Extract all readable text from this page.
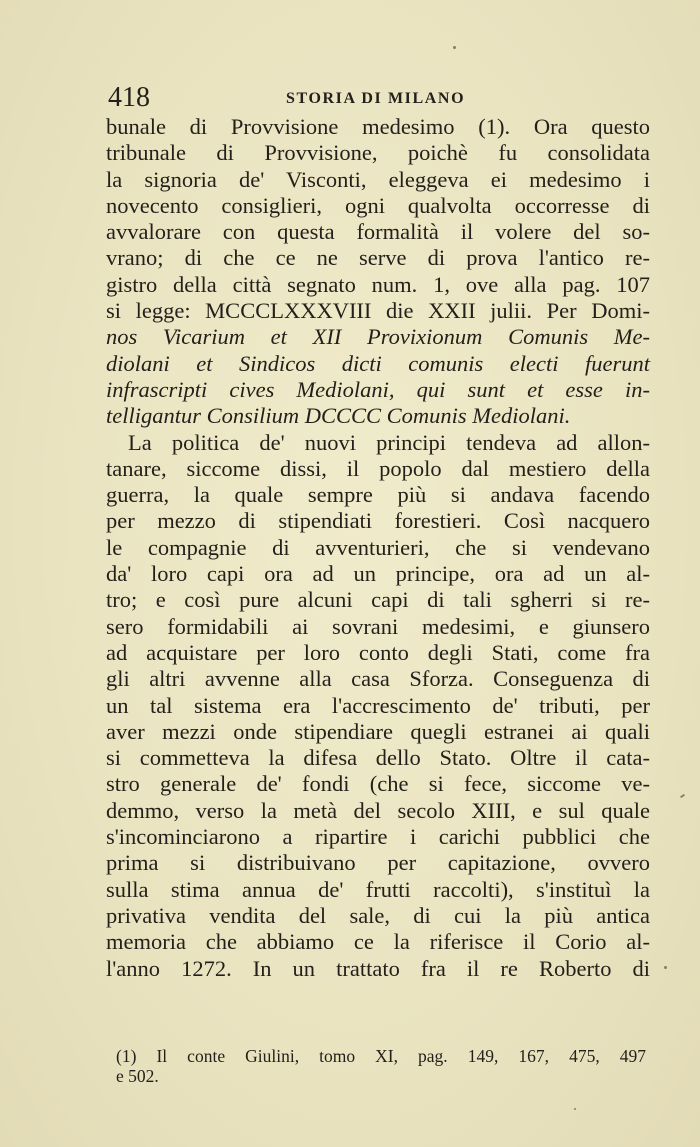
418	STORIA DI MILANO
bunale di Provvisione medesimo (1). Ora questo
tribunale di Provvisione, poichè fu consolidata
la signoria de' Visconti, eleggeva ei medesimo i
novecento consiglieri, ogni qualvolta occorresse di
avvalorare con questa formalità il volere del so-
vrano; di che ce ne serve di prova l'antico re-
gistro della città segnato num. 1, ove alla pag. 107
si legge: MCCCLXXXVIII die XXII julii. Per Domi-
nos Vicarium et XII Provixionum Comunis Me-
diolani et Sindicos dicti comunis electi fuerunt
infrascripti cives Mediolani, qui sunt et esse in-
telligantur Consilium DCCCC Comunis Mediolani.
La politica de' nuovi principi tendeva ad allon-
tanare, siccome dissi, il popolo dal mestiero della
guerra, la quale sempre più si andava facendo
per mezzo di stipendiati forestieri. Così nacquero
le compagnie di avventurieri, che si vendevano
da' loro capi ora ad un principe, ora ad un al-
tro; e così pure alcuni capi di tali sgherri si re-
sero formidabili ai sovrani medesimi, e giunsero
ad acquistare per loro conto degli Stati, come fra
gli altri avvenne alla casa Sforza. Conseguenza di
un tal sistema era l'accrescimento de' tributi, per
aver mezzi onde stipendiare quegli estranei ai quali
si commetteva la difesa dello Stato. Oltre il cata-
stro generale de' fondi (che si fece, siccome ve-
demmo, verso la metà del secolo XIII, e sul quale
s'incominciarono a ripartire i carichi pubblici che
prima si distribuivano per capitazione, ovvero
sulla stima annua de' frutti raccolti), s'instituì la
privativa vendita del sale, di cui la più antica
memoria che abbiamo ce la riferisce il Corio al-
l'anno 1272. In un trattato fra il re Roberto di
(1) Il conte Giulini, tomo XI, pag. 149, 167, 475, 497
e 502.
